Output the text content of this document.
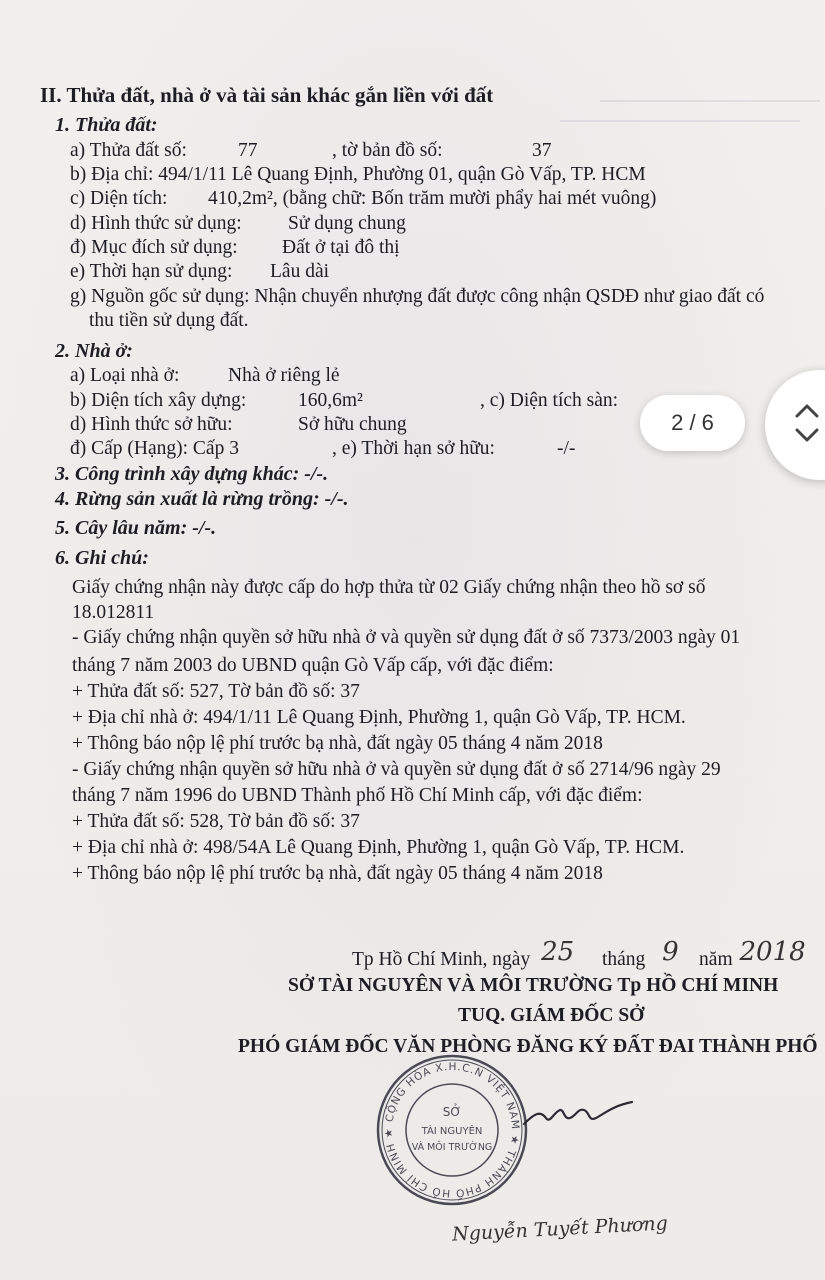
II. Thửa đất, nhà ở và tài sản khác gắn liền với đất
1. Thửa đất:
a) Thửa đất số:	77	, tờ bản đồ số:	37
b) Địa chỉ: 494/1/11 Lê Quang Định, Phường 01, quận Gò Vấp, TP. HCM
c) Diện tích: 410,2m², (bằng chữ: Bốn trăm mười phẩy hai mét vuông)
d) Hình thức sử dụng: Sử dụng chung
đ) Mục đích sử dụng: Đất ở tại đô thị
e) Thời hạn sử dụng: Lâu dài
g) Nguồn gốc sử dụng: Nhận chuyển nhượng đất được công nhận QSDĐ như giao đất có
thu tiền sử dụng đất.
2. Nhà ở:
a) Loại nhà ở: Nhà ở riêng lẻ
b) Diện tích xây dựng:	160,6m²	, c) Diện tích sàn:
d) Hình thức sở hữu:	Sở hữu chung
đ) Cấp (Hạng): Cấp 3	, e) Thời hạn sở hữu:	-/-
3. Công trình xây dựng khác: -/-.
4. Rừng sản xuất là rừng trồng: -/-.
5. Cây lâu năm: -/-.
6. Ghi chú:
Giấy chứng nhận này được cấp do hợp thửa từ 02 Giấy chứng nhận theo hồ sơ số
18.012811
- Giấy chứng nhận quyền sở hữu nhà ở và quyền sử dụng đất ở số 7373/2003 ngày 01
tháng 7 năm 2003 do UBND quận Gò Vấp cấp, với đặc điểm:
+ Thửa đất số: 527, Tờ bản đồ số: 37
+ Địa chỉ nhà ở: 494/1/11 Lê Quang Định, Phường 1, quận Gò Vấp, TP. HCM.
+ Thông báo nộp lệ phí trước bạ nhà, đất ngày 05 tháng 4 năm 2018
- Giấy chứng nhận quyền sở hữu nhà ở và quyền sử dụng đất ở số 2714/96 ngày 29
tháng 7 năm 1996 do UBND Thành phố Hồ Chí Minh cấp, với đặc điểm:
+ Thửa đất số: 528, Tờ bản đồ số: 37
+ Địa chỉ nhà ở: 498/54A Lê Quang Định, Phường 1, quận Gò Vấp, TP. HCM.
+ Thông báo nộp lệ phí trước bạ nhà, đất ngày 05 tháng 4 năm 2018
Tp Hồ Chí Minh, ngày 25 tháng 9 năm 2018
SỞ TÀI NGUYÊN VÀ MÔI TRƯỜNG Tp HỒ CHÍ MINH
TUQ. GIÁM ĐỐC SỞ
PHÓ GIÁM ĐỐC VĂN PHÒNG ĐĂNG KÝ ĐẤT ĐAI THÀNH PHỐ
CỘNG HÒA X.H.C.N VIỆT NAM ★ THÀNH PHỐ HỒ CHÍ MINH ★
SỞ
TÀI NGUYÊN
VÀ MÔI TRƯỜNG
Nguyễn Tuyết Phương
2 / 6
